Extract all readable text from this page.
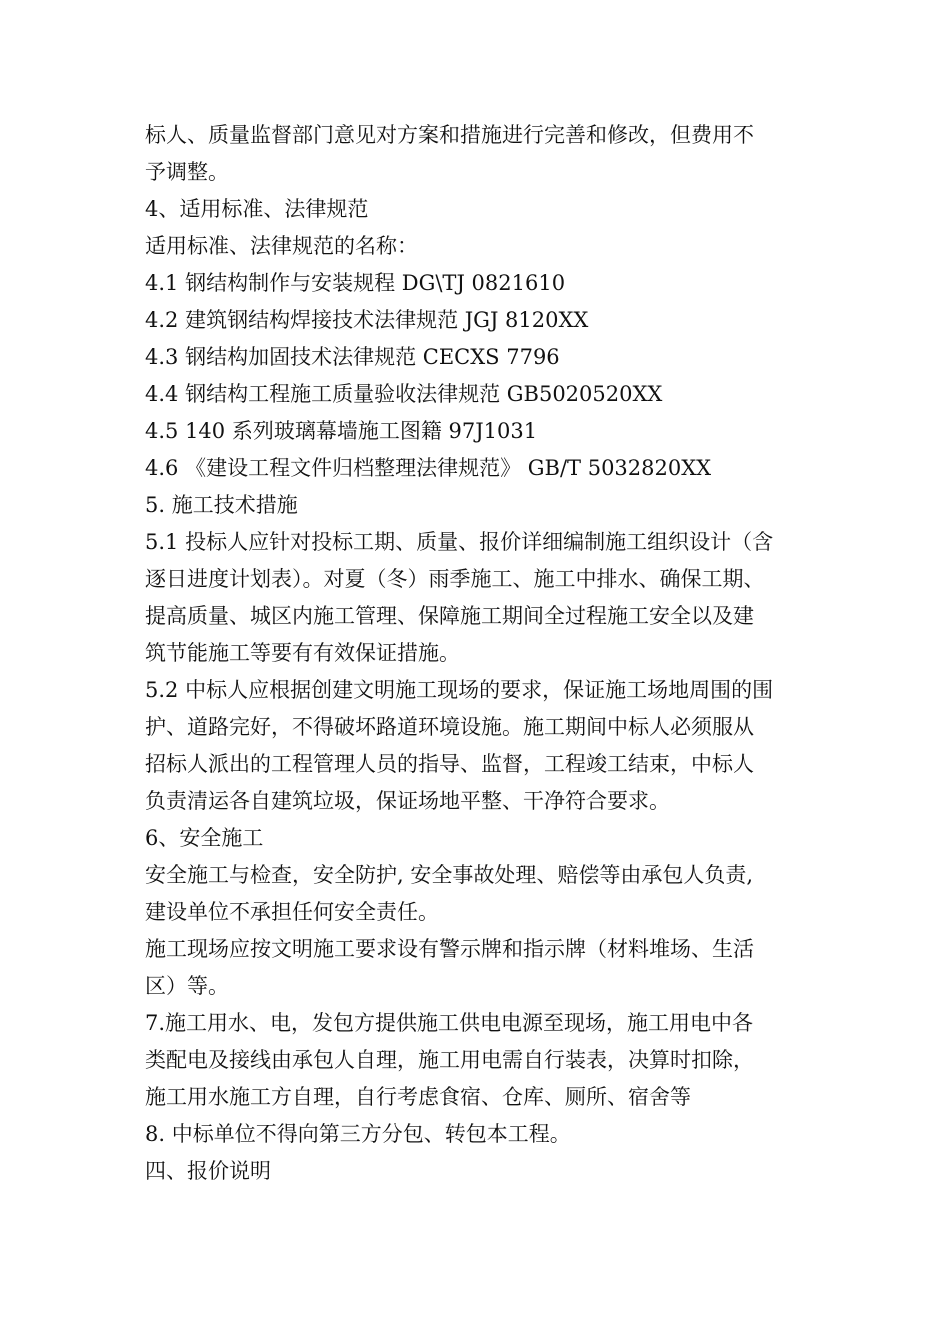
标人、质量监督部门意见对方案和措施进行完善和修改，但费用不
予调整。
4、适用标准、法律规范
适用标准、法律规范的名称：
4.1 钢结构制作与安装规程 DG\TJ 0821610
4.2 建筑钢结构焊接技术法律规范 JGJ 8120XX
4.3 钢结构加固技术法律规范 CECXS 7796
4.4 钢结构工程施工质量验收法律规范 GB5020520XX
4.5 140 系列玻璃幕墙施工图籍 97J1031
4.6 《建设工程文件归档整理法律规范》 GB/T 5032820XX
5. 施工技术措施
5.1 投标人应针对投标工期、质量、报价详细编制施工组织设计（含
逐日进度计划表）。对夏（冬）雨季施工、施工中排水、确保工期、
提高质量、城区内施工管理、保障施工期间全过程施工安全以及建
筑节能施工等要有有效保证措施。
5.2 中标人应根据创建文明施工现场的要求，保证施工场地周围的围
护、道路完好，不得破坏路道环境设施。施工期间中标人必须服从
招标人派出的工程管理人员的指导、监督，工程竣工结束，中标人
负责清运各自建筑垃圾，保证场地平整、干净符合要求。
6、安全施工
安全施工与检查，安全防护, 安全事故处理、赔偿等由承包人负责,
建设单位不承担任何安全责任。
施工现场应按文明施工要求设有警示牌和指示牌（材料堆场、生活
区）等。
7.施工用水、电，发包方提供施工供电电源至现场，施工用电中各
类配电及接线由承包人自理，施工用电需自行装表，决算时扣除，
施工用水施工方自理，自行考虑食宿、仓库、厕所、宿舍等
8. 中标单位不得向第三方分包、转包本工程。
四、报价说明
